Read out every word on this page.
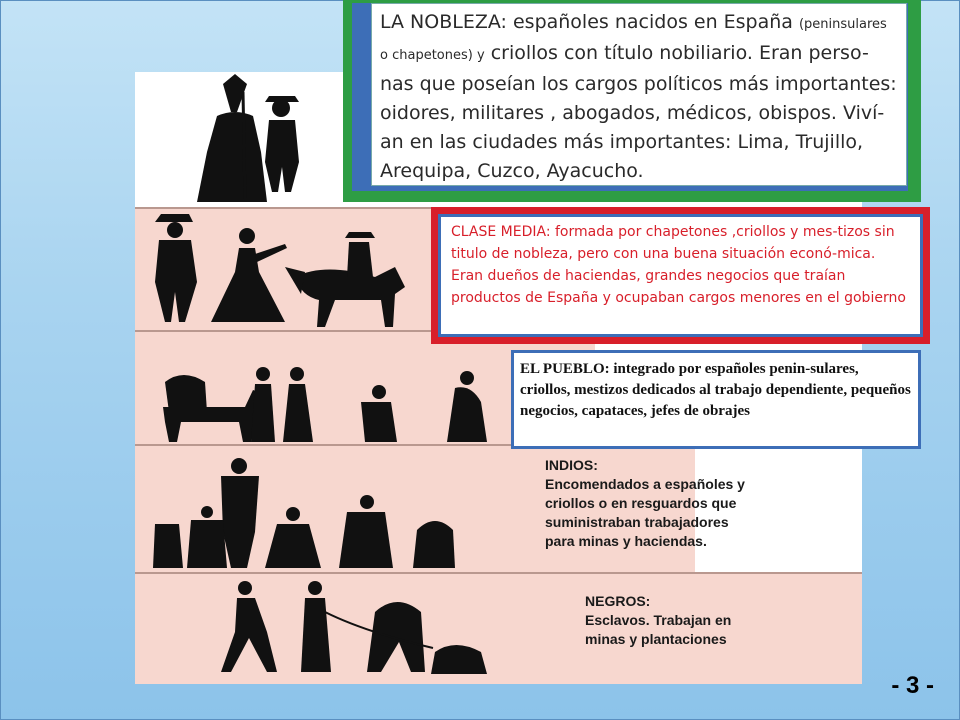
INDIOS:
Encomendados a españoles y
criollos o en resguardos que
suministraban trabajadores
para minas y haciendas.
NEGROS:
Esclavos. Trabajan en
minas y plantaciones

LA NOBLEZA: españoles nacidos en España (peninsulares o chapetones) y criollos con título nobiliario. Eran perso-nas que poseían los cargos políticos más importantes: oidores, militares , abogados, médicos, obispos. Viví-an en las ciudades más importantes: Lima, Trujillo, Arequipa, Cuzco, Ayacucho.

CLASE MEDIA: formada por chapetones ,criollos y mes-tizos sin titulo de nobleza, pero con una buena situación econó-mica. Eran dueños de haciendas, grandes negocios que traían productos de España y ocupaban cargos menores en el gobierno

EL PUEBLO: integrado por españoles penin-sulares, criollos, mestizos dedicados al trabajo dependiente, pequeños negocios, capataces, jefes de obrajes

- 3 -
